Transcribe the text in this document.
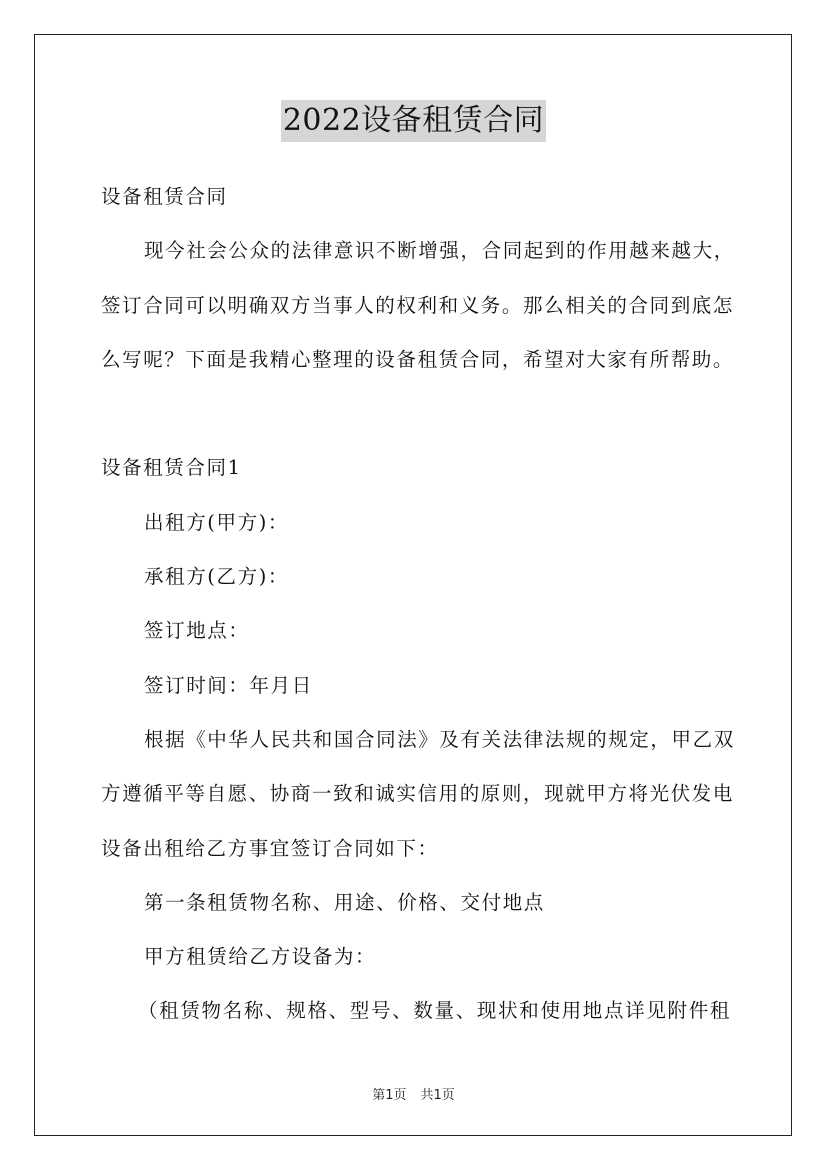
2022设备租赁合同
设备租赁合同
现今社会公众的法律意识不断增强，合同起到的作用越来越大，
签订合同可以明确双方当事人的权利和义务。那么相关的合同到底怎
么写呢？下面是我精心整理的设备租赁合同，希望对大家有所帮助。
设备租赁合同1
出租方(甲方)：
承租方(乙方)：
签订地点：
签订时间：年月日
根据《中华人民共和国合同法》及有关法律法规的规定，甲乙双
方遵循平等自愿、协商一致和诚实信用的原则，现就甲方将光伏发电
设备出租给乙方事宜签订合同如下：
第一条租赁物名称、用途、价格、交付地点
甲方租赁给乙方设备为：
（租赁物名称、规格、型号、数量、现状和使用地点详见附件租
第1页 共1页
